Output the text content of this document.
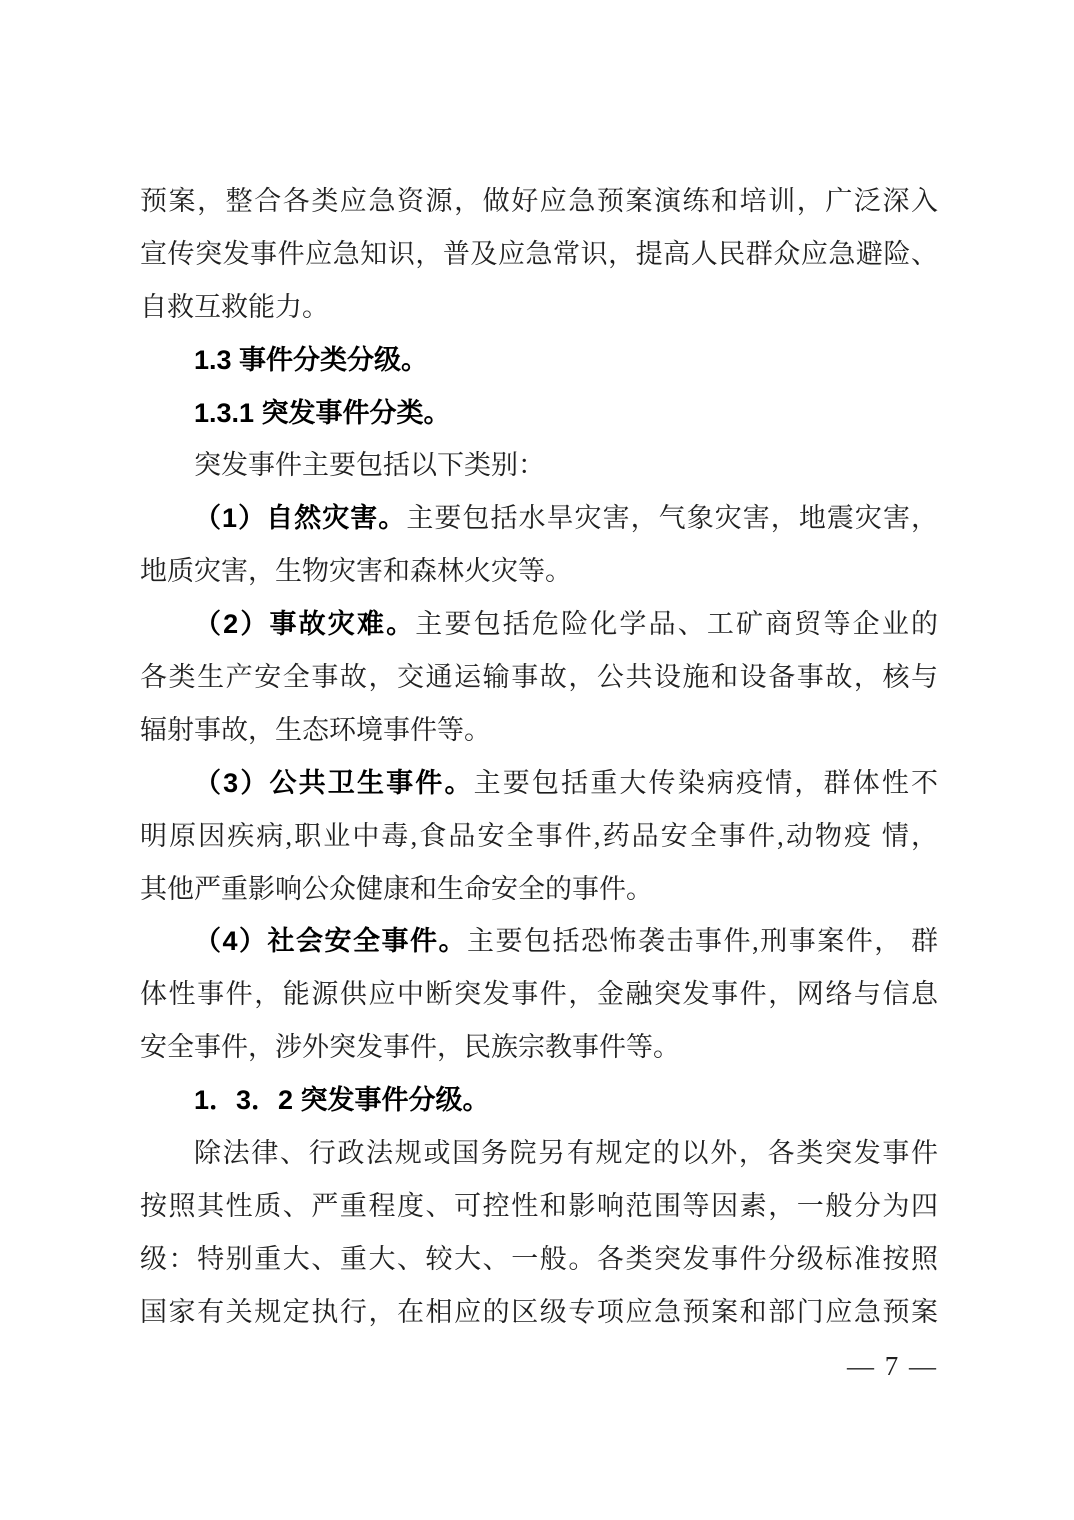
预案，整合各类应急资源，做好应急预案演练和培训，广泛深入
宣传突发事件应急知识，普及应急常识，提高人民群众应急避险、
自救互救能力。
1.3 事件分类分级。
1.3.1 突发事件分类。
突发事件主要包括以下类别：
（1）自然灾害。主要包括水旱灾害，气象灾害，地震灾害，
地质灾害，生物灾害和森林火灾等。
（2）事故灾难。主要包括危险化学品、工矿商贸等企业的
各类生产安全事故，交通运输事故，公共设施和设备事故，核与
辐射事故，生态环境事件等。
（3）公共卫生事件。主要包括重大传染病疫情，群体性不
明原因疾病,职业中毒,食品安全事件,药品安全事件,动物疫 情，
其他严重影响公众健康和生命安全的事件。
（4）社会安全事件。主要包括恐怖袭击事件,刑事案件， 群
体性事件，能源供应中断突发事件，金融突发事件，网络与信息
安全事件，涉外突发事件，民族宗教事件等。
1．3．2 突发事件分级。
除法律、行政法规或国务院另有规定的以外，各类突发事件
按照其性质、严重程度、可控性和影响范围等因素，一般分为四
级：特别重大、重大、较大、一般。各类突发事件分级标准按照
国家有关规定执行，在相应的区级专项应急预案和部门应急预案
— 7 —
